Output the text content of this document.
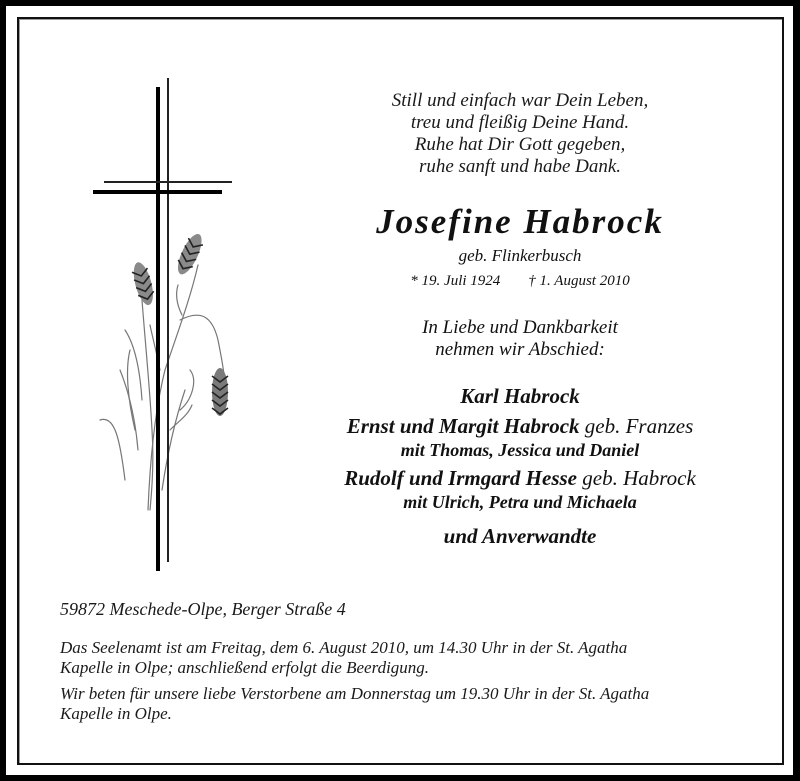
Still und einfach war Dein Leben,
treu und fleißig Deine Hand.
Ruhe hat Dir Gott gegeben,
ruhe sanft und habe Dank.
Josefine Habrock
geb. Flinkerbusch
* 19. Juli 1924 † 1. August 2010
In Liebe und Dankbarkeit
nehmen wir Abschied:
Karl Habrock
Ernst und Margit Habrock geb. Franzes
mit Thomas, Jessica und Daniel
Rudolf und Irmgard Hesse geb. Habrock
mit Ulrich, Petra und Michaela
und Anverwandte
59872 Meschede-Olpe, Berger Straße 4
Das Seelenamt ist am Freitag, dem 6. August 2010, um 14.30 Uhr in der St. Agatha
Kapelle in Olpe; anschließend erfolgt die Beerdigung.
Wir beten für unsere liebe Verstorbene am Donnerstag um 19.30 Uhr in der St. Agatha
Kapelle in Olpe.
